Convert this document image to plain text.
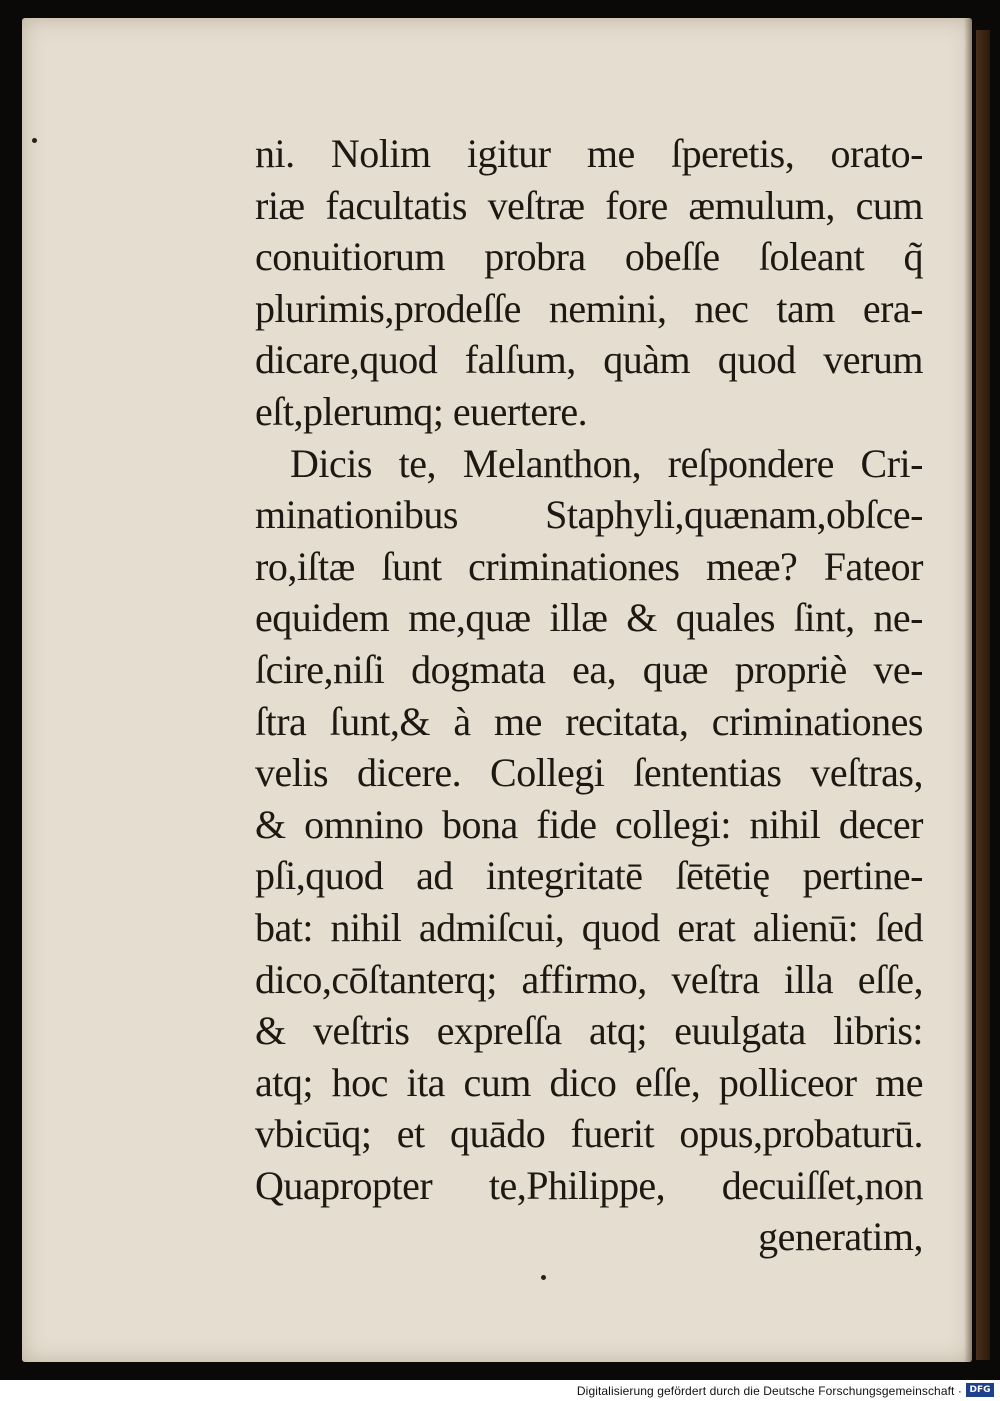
ni. Nolim igitur me ſperetis, orato-
riæ facultatis veſtræ fore æmulum, cum
conuitiorum probra obeſſe ſoleant q̃
plurimis,prodeſſe nemini, nec tam era-
dicare,quod falſum, quàm quod verum
eſt,plerumq; euertere.
Dicis te, Melanthon, reſpondere Cri-
minationibus Staphyli,quænam,obſce-
ro,iſtæ ſunt criminationes meæ? Fateor
equidem me,quæ illæ & quales ſint, ne-
ſcire,niſi dogmata ea, quæ propriè ve-
ſtra ſunt,& à me recitata, criminationes
velis dicere. Collegi ſententias veſtras,
& omnino bona fide collegi: nihil decer
pſi,quod ad integritatē ſētētię pertine-
bat: nihil admiſcui, quod erat alienū: ſed
dico,cōſtanterq; affirmo, veſtra illa eſſe,
& veſtris expreſſa atq; euulgata libris:
atq; hoc ita cum dico eſſe, polliceor me
vbicūq; et quādo fuerit opus,probaturū.
Quapropter te,Philippe, decuiſſet,non
generatim,
Digitalisierung gefördert durch die Deutsche Forschungsgemeinschaft · DFG
